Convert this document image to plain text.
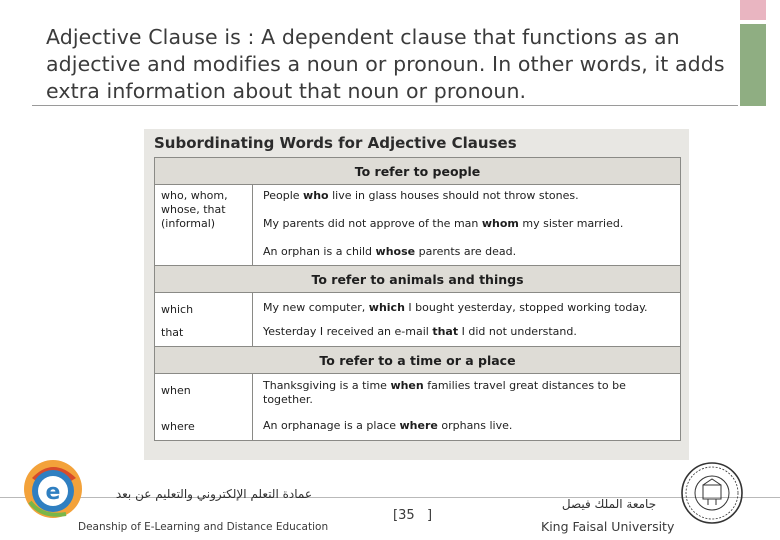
Adjective Clause is : A dependent clause that functions as an adjective and modifies a noun or pronoun. In other words, it adds extra information about that noun or pronoun.
Subordinating Words for Adjective Clauses
To refer to people
who, whom,
whose, that
(informal)
People who live in glass houses should not throw stones.
My parents did not approve of the man whom my sister married.
An orphan is a child whose parents are dead.
To refer to animals and things
which
that
My new computer, which I bought yesterday, stopped working today.
Yesterday I received an e-mail that I did not understand.
To refer to a time or a place
when
where
Thanksgiving is a time when families travel great distances to be together.
An orphanage is a place where orphans live.
e	عمادة التعلم الإلكتروني والتعليم عن بعد
Deanship of E-Learning and Distance Education
[35   ]
جامعة الملك فيصل
King Faisal University
